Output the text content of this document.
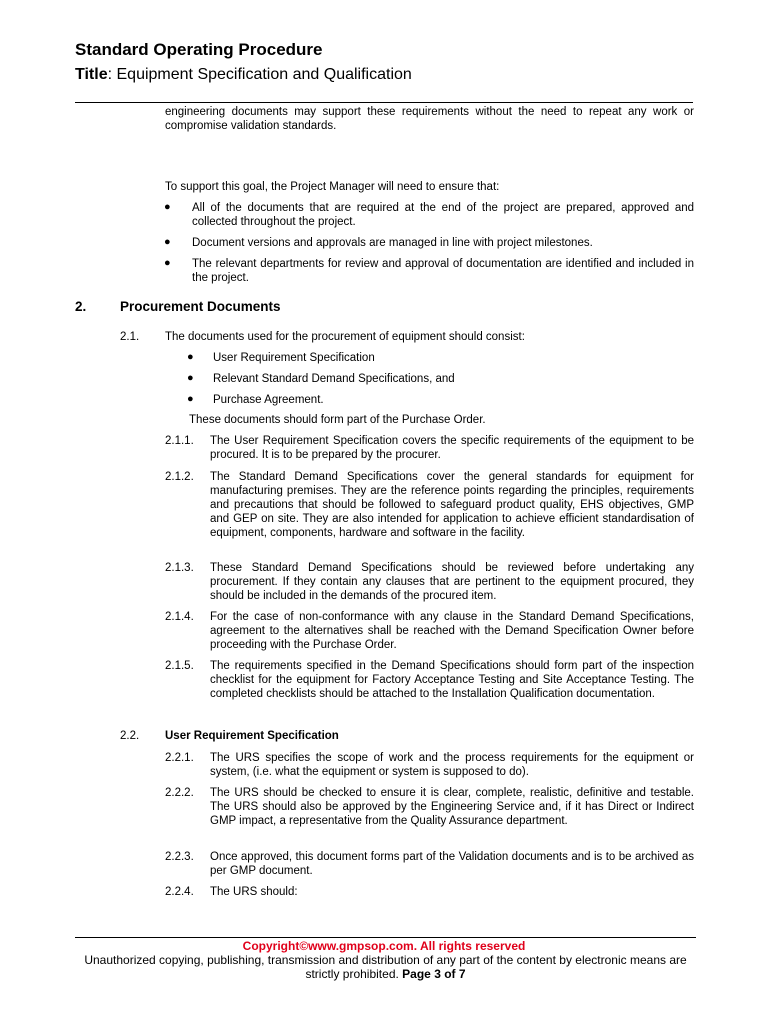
Standard Operating Procedure
Title: Equipment Specification and Qualification
engineering documents may support these requirements without the need to repeat any work or compromise validation standards.
To support this goal, the Project Manager will need to ensure that:
● All of the documents that are required at the end of the project are prepared, approved and collected throughout the project.
● Document versions and approvals are managed in line with project milestones.
● The relevant departments for review and approval of documentation are identified and included in the project.
2. Procurement Documents
2.1. The documents used for the procurement of equipment should consist:
● User Requirement Specification
● Relevant Standard Demand Specifications, and
● Purchase Agreement.
These documents should form part of the Purchase Order.
2.1.1. The User Requirement Specification covers the specific requirements of the equipment to be procured. It is to be prepared by the procurer.
2.1.2. The Standard Demand Specifications cover the general standards for equipment for manufacturing premises. They are the reference points regarding the principles, requirements and precautions that should be followed to safeguard product quality, EHS objectives, GMP and GEP on site. They are also intended for application to achieve efficient standardisation of equipment, components, hardware and software in the facility.
2.1.3. These Standard Demand Specifications should be reviewed before undertaking any procurement. If they contain any clauses that are pertinent to the equipment procured, they should be included in the demands of the procured item.
2.1.4. For the case of non-conformance with any clause in the Standard Demand Specifications, agreement to the alternatives shall be reached with the Demand Specification Owner before proceeding with the Purchase Order.
2.1.5. The requirements specified in the Demand Specifications should form part of the inspection checklist for the equipment for Factory Acceptance Testing and Site Acceptance Testing. The completed checklists should be attached to the Installation Qualification documentation.
2.2. User Requirement Specification
2.2.1. The URS specifies the scope of work and the process requirements for the equipment or system, (i.e. what the equipment or system is supposed to do).
2.2.2. The URS should be checked to ensure it is clear, complete, realistic, definitive and testable. The URS should also be approved by the Engineering Service and, if it has Direct or Indirect GMP impact, a representative from the Quality Assurance department.
2.2.3. Once approved, this document forms part of the Validation documents and is to be archived as per GMP document.
2.2.4. The URS should:
Copyright©www.gmpsop.com. All rights reserved
Unauthorized copying, publishing, transmission and distribution of any part of the content by electronic means are strictly prohibited. Page 3 of 7
